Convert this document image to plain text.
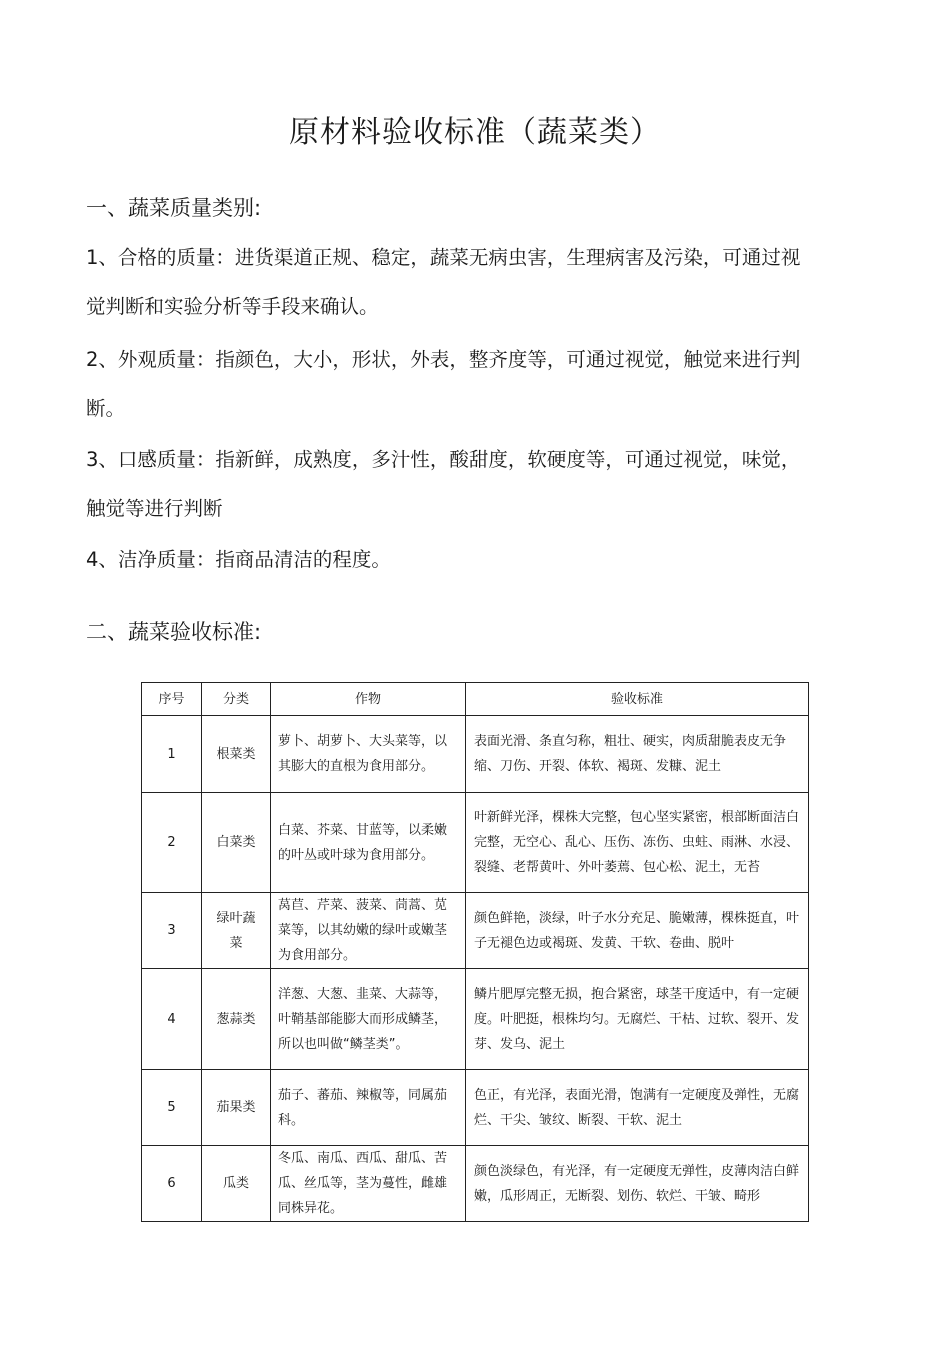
原材料验收标准（蔬菜类）
一、蔬菜质量类别:

1、合格的质量：进货渠道正规、稳定，蔬菜无病虫害，生理病害及污染，可通过视觉判断和实验分析等手段来确认。

2、外观质量：指颜色，大小，形状，外表，整齐度等，可通过视觉，触觉来进行判断。

3、口感质量：指新鲜，成熟度，多汁性，酸甜度，软硬度等，可通过视觉，味觉，触觉等进行判断

4、洁净质量：指商品清洁的程度。

二、蔬菜验收标准:
序号	分类	作物	验收标准
1	根菜类	萝卜、胡萝卜、大头菜等，以其膨大的直根为食用部分。	表面光滑、条直匀称，粗壮、硬实，肉质甜脆表皮无争缩、刀伤、开裂、体软、褐斑、发糠、泥土
2	白菜类	白菜、芥菜、甘蓝等，以柔嫩的叶丛或叶球为食用部分。	叶新鲜光泽，棵株大完整，包心坚实紧密，根部断面洁白完整，无空心、乱心、压伤、冻伤、虫蛀、雨淋、水浸、裂缝、老帮黄叶、外叶萎蔫、包心松、泥土，无苔
3	绿叶蔬菜	莴苣、芹菜、菠菜、茼蒿、苋菜等，以其幼嫩的绿叶或嫩茎为食用部分。	颜色鲜艳，淡绿，叶子水分充足、脆嫩薄，棵株挺直，叶子无褪色边或褐斑、发黄、干软、卷曲、脱叶
4	葱蒜类	洋葱、大葱、韭菜、大蒜等，叶鞘基部能膨大而形成鳞茎，所以也叫做“鳞茎类”。	鳞片肥厚完整无损，抱合紧密，球茎干度适中，有一定硬度。叶肥挺，根株均匀。无腐烂、干枯、过软、裂开、发芽、发乌、泥土
5	茄果类	茄子、蕃茄、辣椒等，同属茄科。	色正，有光泽，表面光滑，饱满有一定硬度及弹性，无腐烂、干尖、皱纹、断裂、干软、泥土
6	瓜类	冬瓜、南瓜、西瓜、甜瓜、苦瓜、丝瓜等，茎为蔓性，雌雄同株异花。	颜色淡绿色，有光泽，有一定硬度无弹性，皮薄肉洁白鲜嫩，瓜形周正，无断裂、划伤、软烂、干皱、畸形
